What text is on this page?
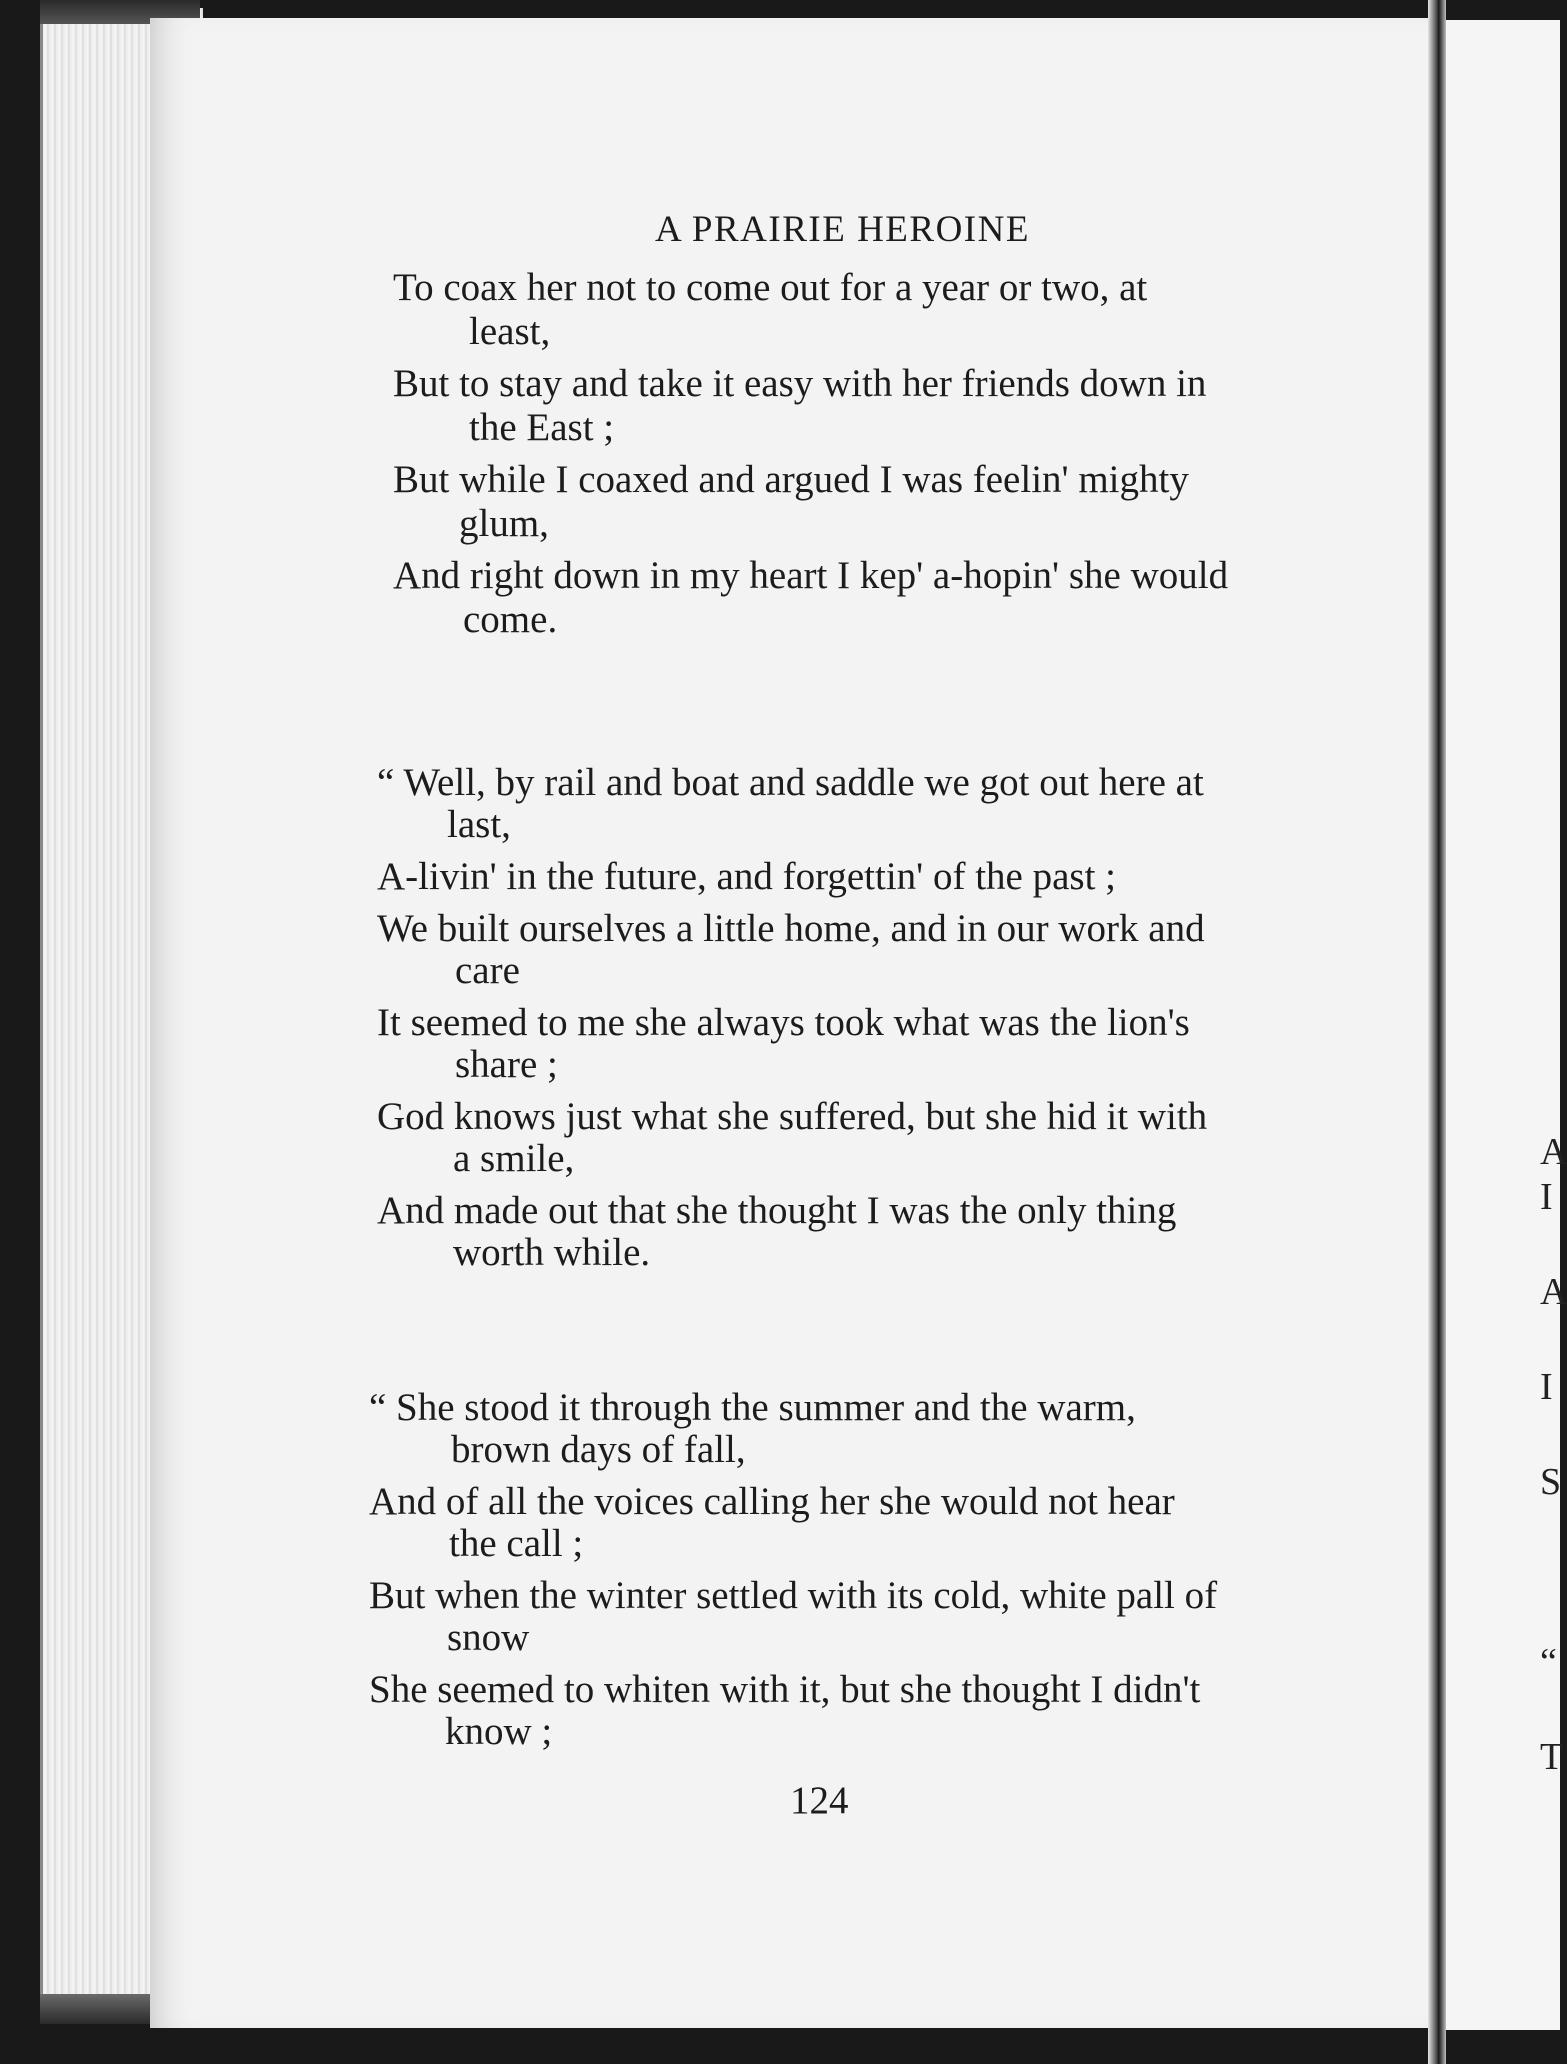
A PRAIRIE HEROINE

To coax her not to come out for a year or two, at

least,

But to stay and take it easy with her friends down in

the East ;

But while I coaxed and argued I was feelin' mighty

glum,

And right down in my heart I kep' a-hopin' she would

come.

“ Well, by rail and boat and saddle we got out here at

last,

A-livin' in the future, and forgettin' of the past ;

We built ourselves a little home, and in our work and

care

It seemed to me she always took what was the lion's

share ;

God knows just what she suffered, but she hid it with

a smile,

And made out that she thought I was the only thing

worth while.

“ She stood it through the summer and the warm,

brown days of fall,

And of all the voices calling her she would not hear

the call ;

But when the winter settled with its cold, white pall of

snow

She seemed to whiten with it, but she thought I didn't

know ;

124
A
I
A
I
S
“
T
